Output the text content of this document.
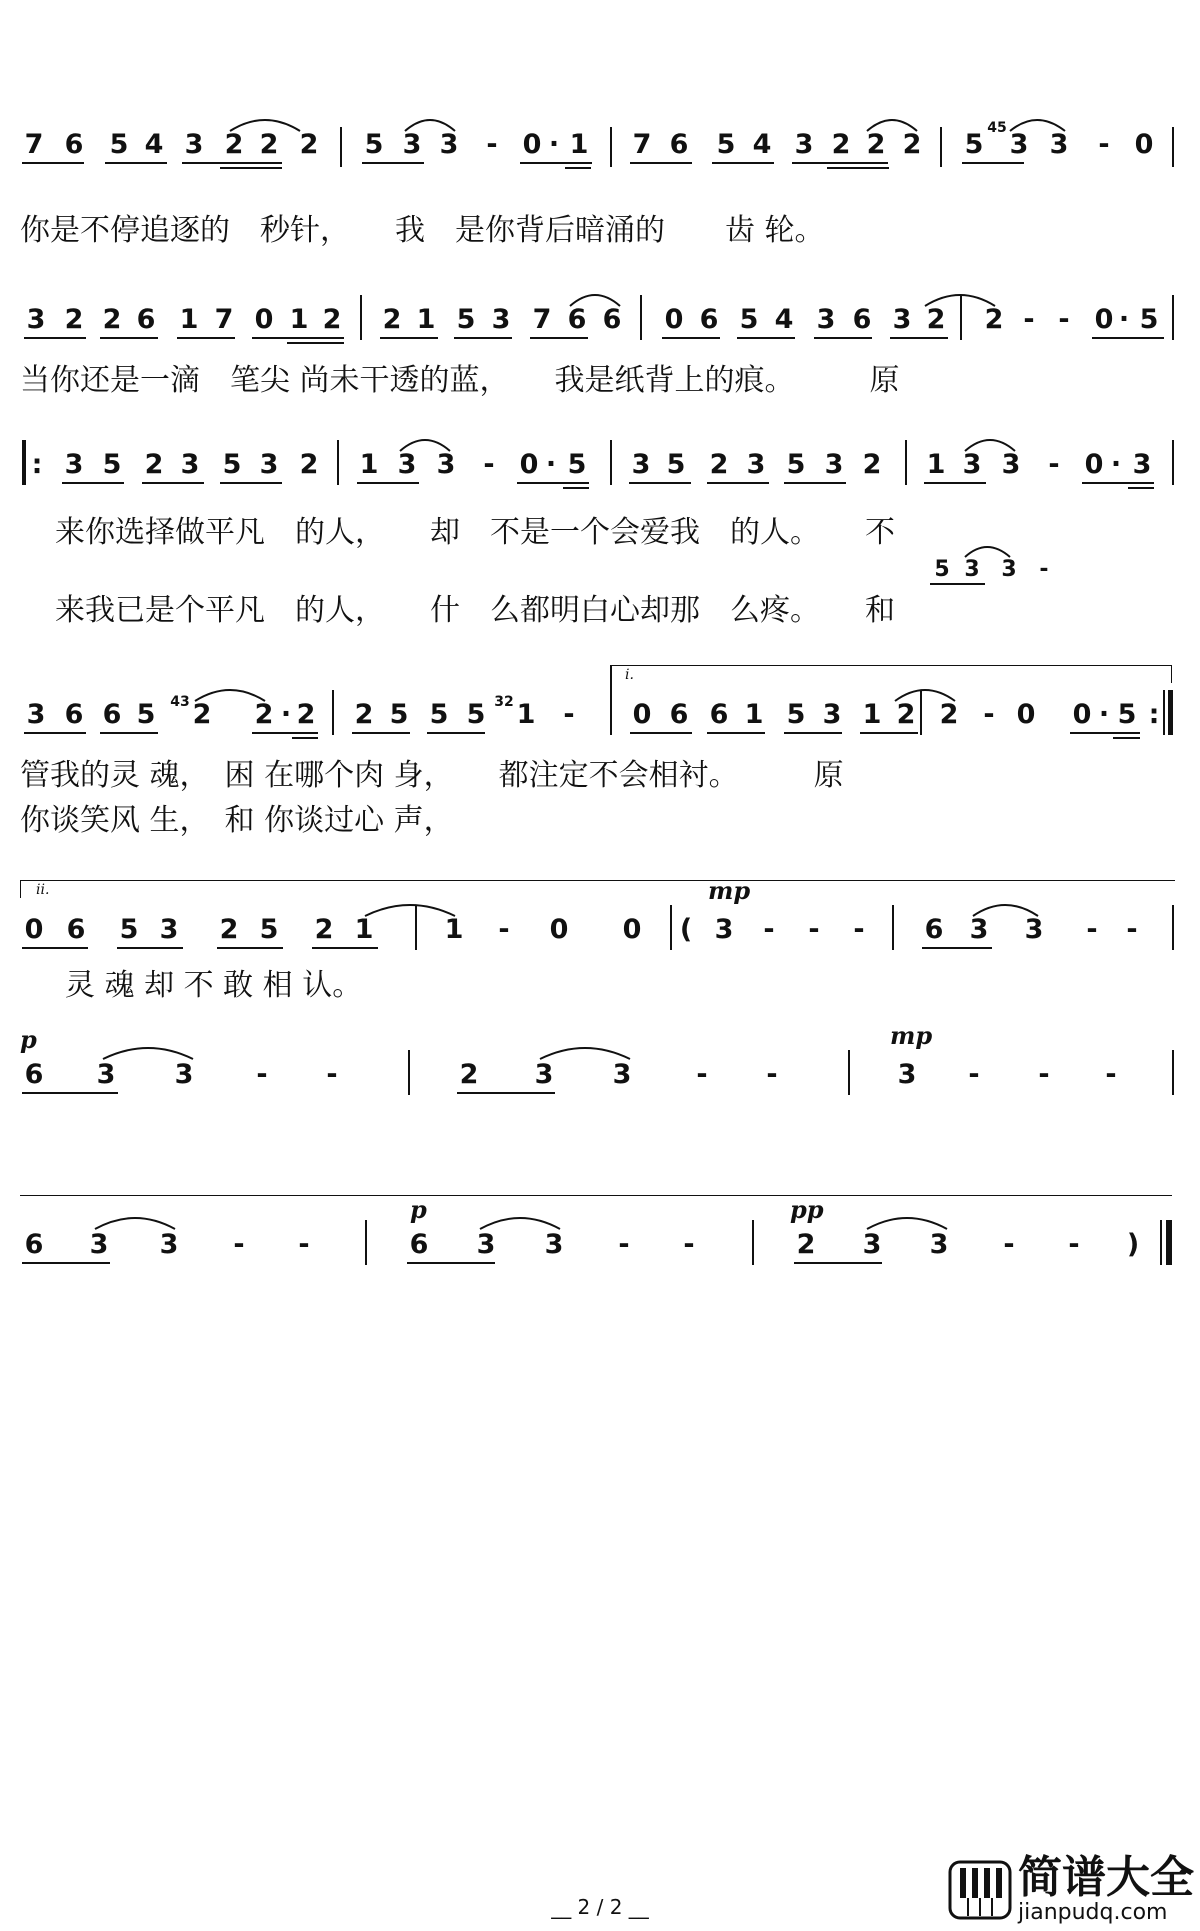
7 6 5 4 3 2 2 2 5 3 3	- 0 · 1 7 6 5 4 3 2 2 2 5
45
3 3	- 0
你是不停追逐的　秒针，　　我　是你背后暗涌的　　齿 轮。
3 2 2 6 1 7 0 1 2 2 1 5 3 7 6 6 0 6 5 4 3 6 3 2 2 - - 0 · 5
当你还是一滴　笔尖 尚未干透的蓝，　　我是纸背上的痕。　　　原
: 3 5 2 3 5 3 2 1 3 3	- 0 · 5 3 5 2 3 5 3 2 1 3 3	- 0 · 3
来你选择做平凡　的人，　　却　不是一个会爱我　的人。　　不
5 3 3	-
来我已是个平凡　的人，　　什　么都明白心却那　么疼。　　和
i.
:
3 6 6 5	43 2 2 · 2 2 5 5 5 32 1	-	0 6 6 1 5 3 1 2 2 - 0 0 · 5
管我的灵 魂，　困 在哪个肉 身，　　都注定不会相衬。　　　原
你谈笑风 生，　和 你谈过心 声，
ii.	mp
0 6 5 3 2 5 2 1	1	-	0 0 ( 3	-	-	-	6 3 3	-	-
灵 魂 却 不 敢 相 认。
p	mp
6 3 3	-	-	2 3 3	-	-	3	-	-	-
p	pp
6 3 3	-	-	6 3 3	-	-	2 3 3	-	-	)
__ 2 / 2 __
简谱大全
jianpudq.com
